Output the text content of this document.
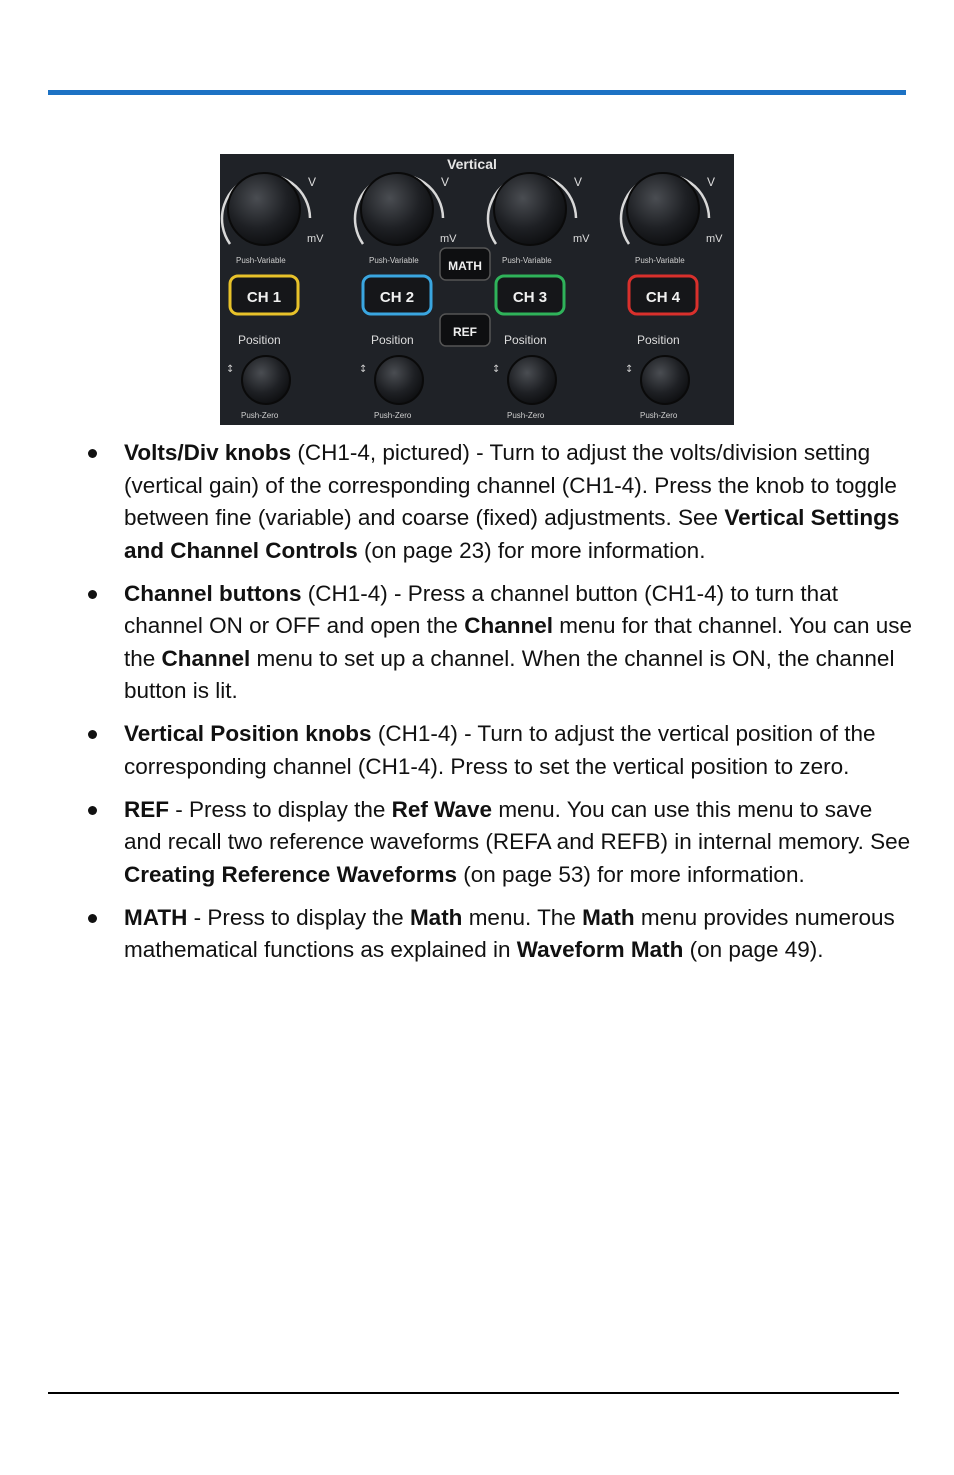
Vertical
V
mV
Push-Variable
CH 1
Position
↕
Push-Zero
V
mV
Push-Variable
CH 2
Position
↕
Push-Zero
V
mV
Push-Variable
CH 3
Position
↕
Push-Zero
V
mV
Push-Variable
CH 4
Position
↕
Push-Zero
MATH
REF
Volts/Div knobs (CH1-4, pictured) - Turn to adjust the volts/division setting (vertical gain) of the corresponding channel (CH1-4). Press the knob to toggle between fine (variable) and coarse (fixed) adjustments. See Vertical Settings and Channel Controls (on page 23) for more information.
Channel buttons (CH1-4) - Press a channel button (CH1-4) to turn that channel ON or OFF and open the Channel menu for that channel. You can use the Channel menu to set up a channel. When the channel is ON, the channel button is lit.
Vertical Position knobs (CH1-4) - Turn to adjust the vertical position of the corresponding channel (CH1-4). Press to set the vertical position to zero.
REF - Press to display the Ref Wave menu. You can use this menu to save and recall two reference waveforms (REFA and REFB) in internal memory. See Creating Reference Waveforms (on page 53) for more information.
MATH - Press to display the Math menu. The Math menu provides numerous mathematical functions as explained in Waveform Math (on page 49).
